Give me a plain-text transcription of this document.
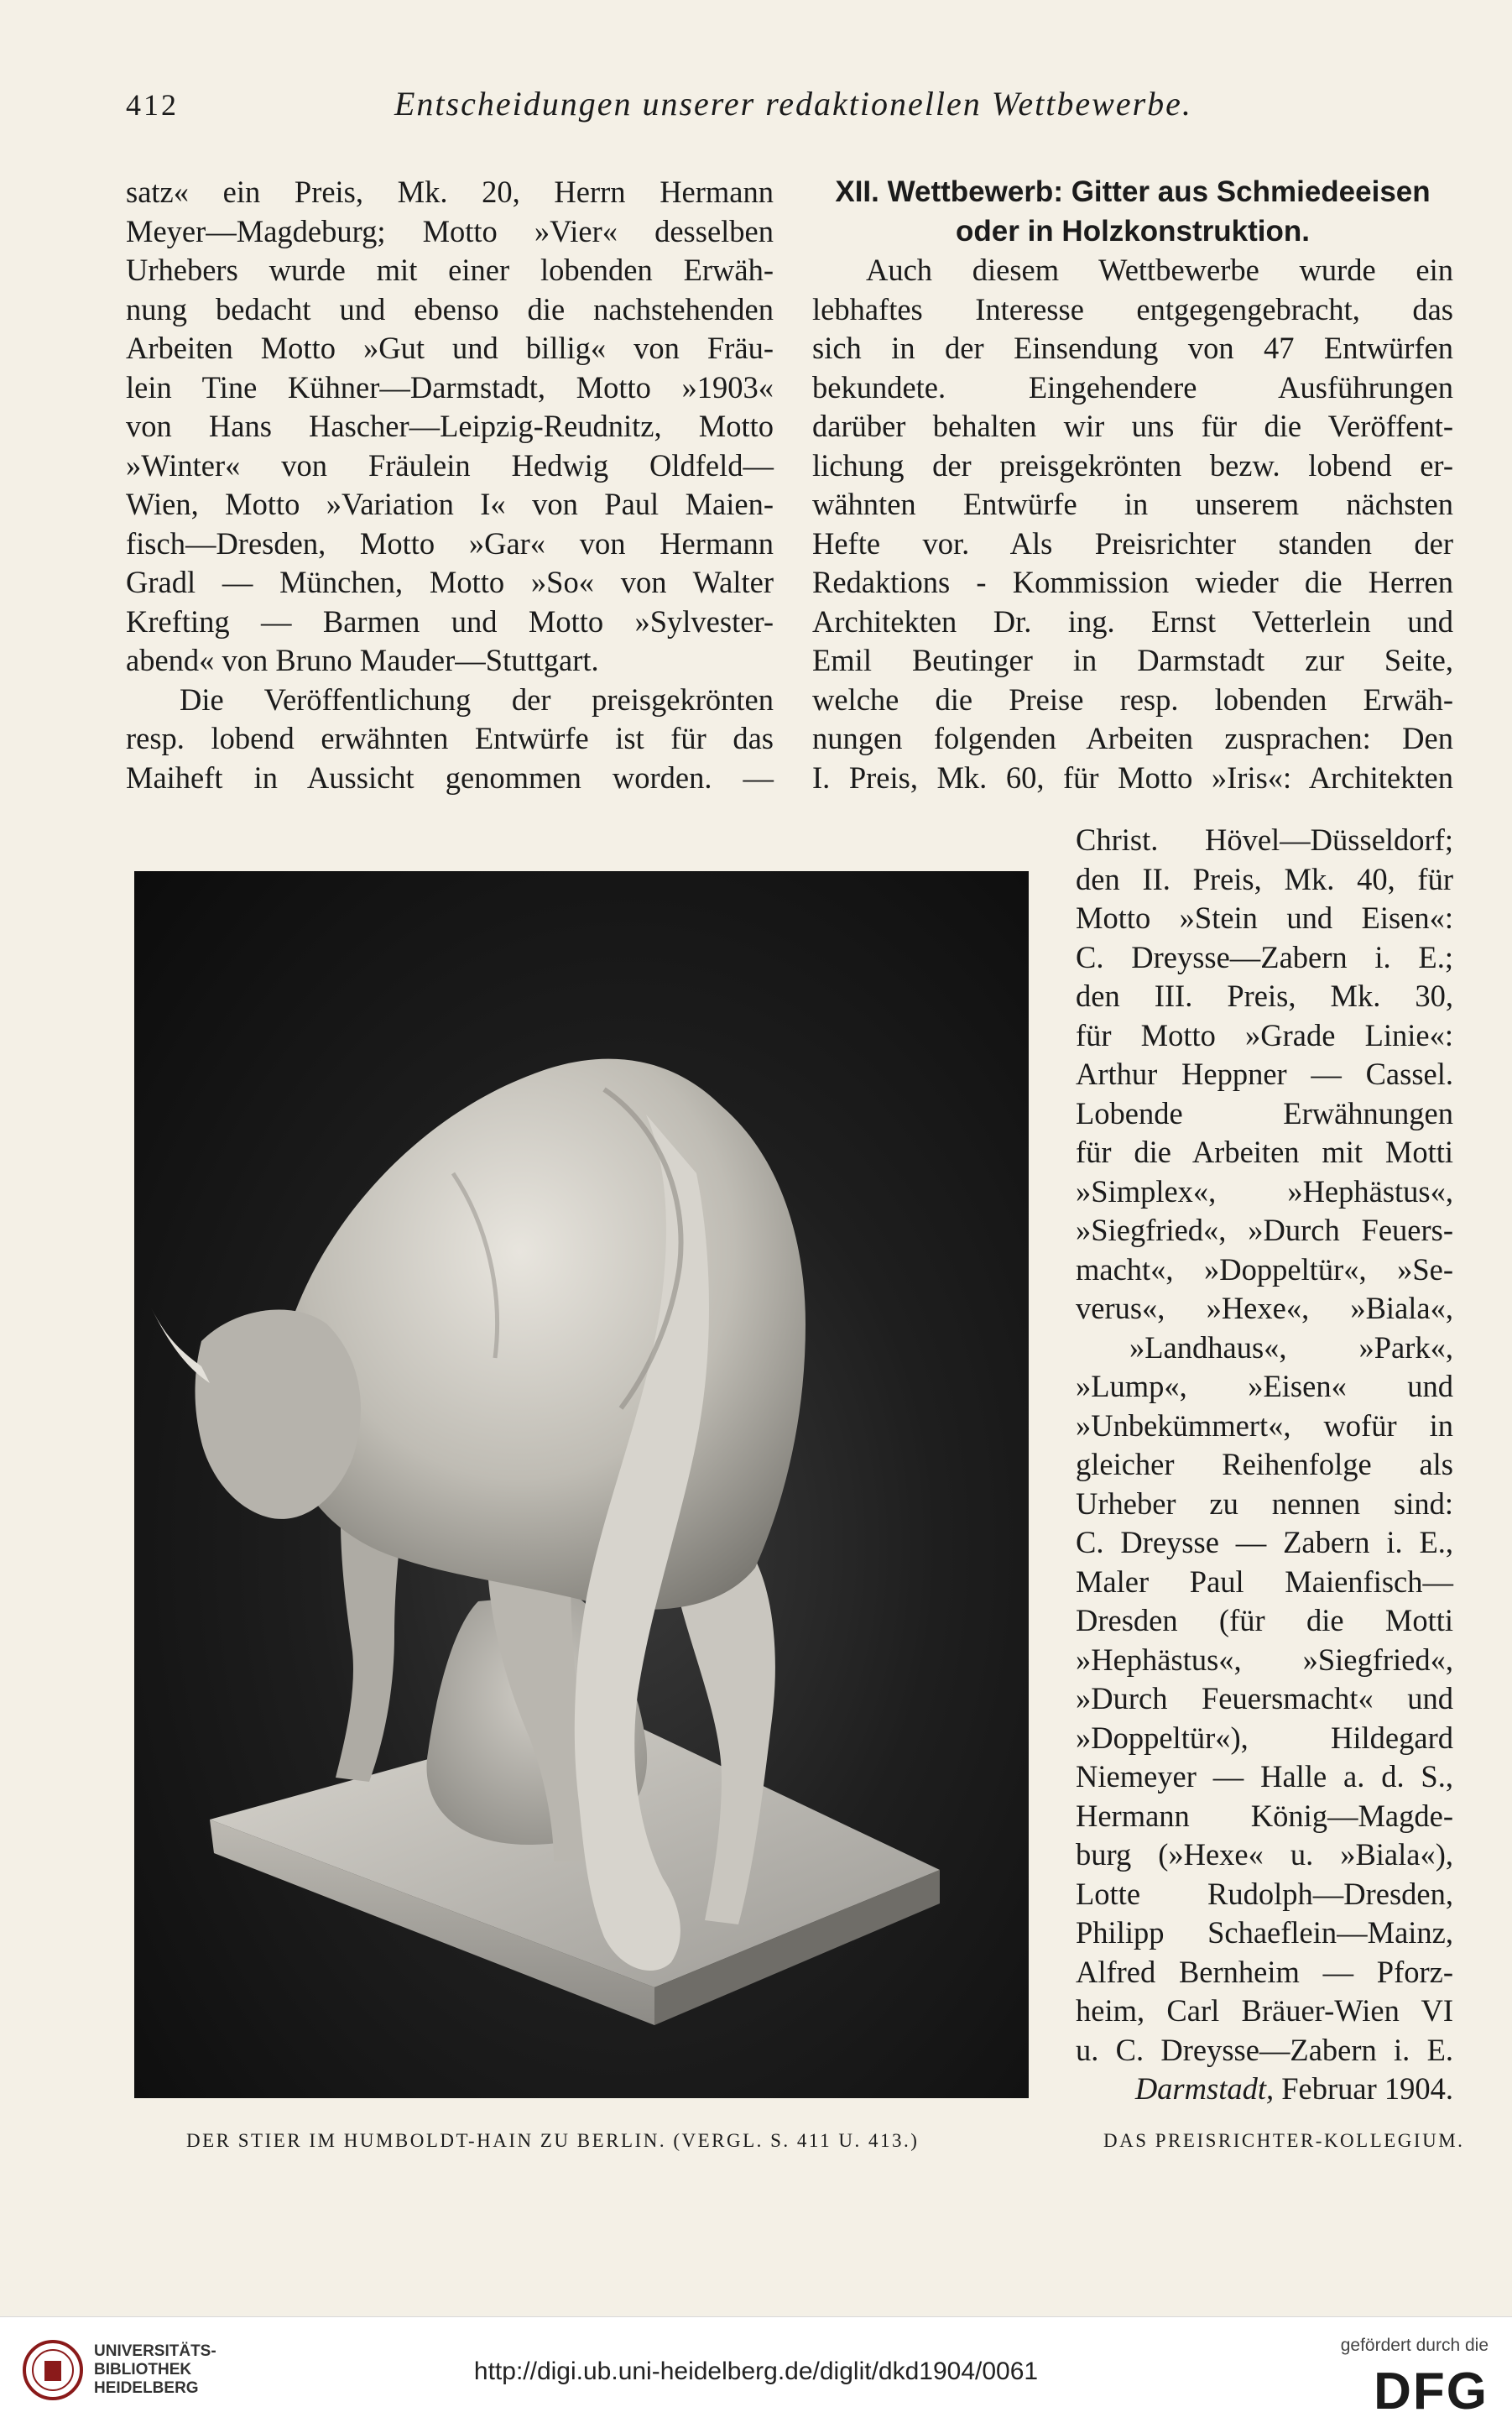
412	Entscheidungen unserer redaktionellen Wettbewerbe.
satz« ein Preis, Mk. 20, Herrn Hermann
Meyer—Magdeburg; Motto »Vier« desselben
Urhebers wurde mit einer lobenden Erwäh-
nung bedacht und ebenso die nachstehenden
Arbeiten Motto »Gut und billig« von Fräu-
lein Tine Kühner—Darmstadt, Motto »1903«
von Hans Hascher—Leipzig-Reudnitz, Motto
»Winter« von Fräulein Hedwig Oldfeld—
Wien, Motto »Variation I« von Paul Maien-
fisch—Dresden, Motto »Gar« von Hermann
Gradl — München, Motto »So« von Walter
Krefting — Barmen und Motto »Sylvester-
abend« von Bruno Mauder—Stuttgart.
Die Veröffentlichung der preisgekrönten
resp. lobend erwähnten Entwürfe ist für das
Maiheft in Aussicht genommen worden. —
XII. Wettbewerb: Gitter aus Schmiedeeisen
oder in Holzkonstruktion.
Auch diesem Wettbewerbe wurde ein
lebhaftes Interesse entgegengebracht, das
sich in der Einsendung von 47 Entwürfen
bekundete. Eingehendere Ausführungen
darüber behalten wir uns für die Veröffent-
lichung der preisgekrönten bezw. lobend er-
wähnten Entwürfe in unserem nächsten
Hefte vor. Als Preisrichter standen der
Redaktions - Kommission wieder die Herren
Architekten Dr. ing. Ernst Vetterlein und
Emil Beutinger in Darmstadt zur Seite,
welche die Preise resp. lobenden Erwäh-
nungen folgenden Arbeiten zusprachen: Den
I. Preis, Mk. 60, für Motto »Iris«: Architekten
Christ. Hövel—Düsseldorf;
den II. Preis, Mk. 40, für
Motto »Stein und Eisen«:
C. Dreysse—Zabern i. E.;
den III. Preis, Mk. 30,
für Motto »Grade Linie«:
Arthur Heppner — Cassel.
Lobende Erwähnungen
für die Arbeiten mit Motti
»Simplex«, »Hephästus«,
»Siegfried«, »Durch Feuers-
macht«, »Doppeltür«, »Se-
verus«, »Hexe«, »Biala«,
»Landhaus«, »Park«,
»Lump«, »Eisen« und
»Unbekümmert«, wofür in
gleicher Reihenfolge als
Urheber zu nennen sind:
C. Dreysse — Zabern i. E.,
Maler Paul Maienfisch—
Dresden (für die Motti
»Hephästus«, »Siegfried«,
»Durch Feuersmacht« und
»Doppeltür«), Hildegard
Niemeyer — Halle a. d. S.,
Hermann König—Magde-
burg (»Hexe« u. »Biala«),
Lotte Rudolph—Dresden,
Philipp Schaeflein—Mainz,
Alfred Bernheim — Pforz-
heim, Carl Bräuer-Wien VI
u. C. Dreysse—Zabern i. E.
Darmstadt, Februar 1904.
DER STIER IM HUMBOLDT-HAIN ZU BERLIN. (VERGL. S. 411 U. 413.)	DAS PREISRICHTER-KOLLEGIUM.
UNIVERSITÄTS-
BIBLIOTHEK
HEIDELBERG
http://digi.ub.uni-heidelberg.de/diglit/dkd1904/0061
gefördert durch die
DFG
